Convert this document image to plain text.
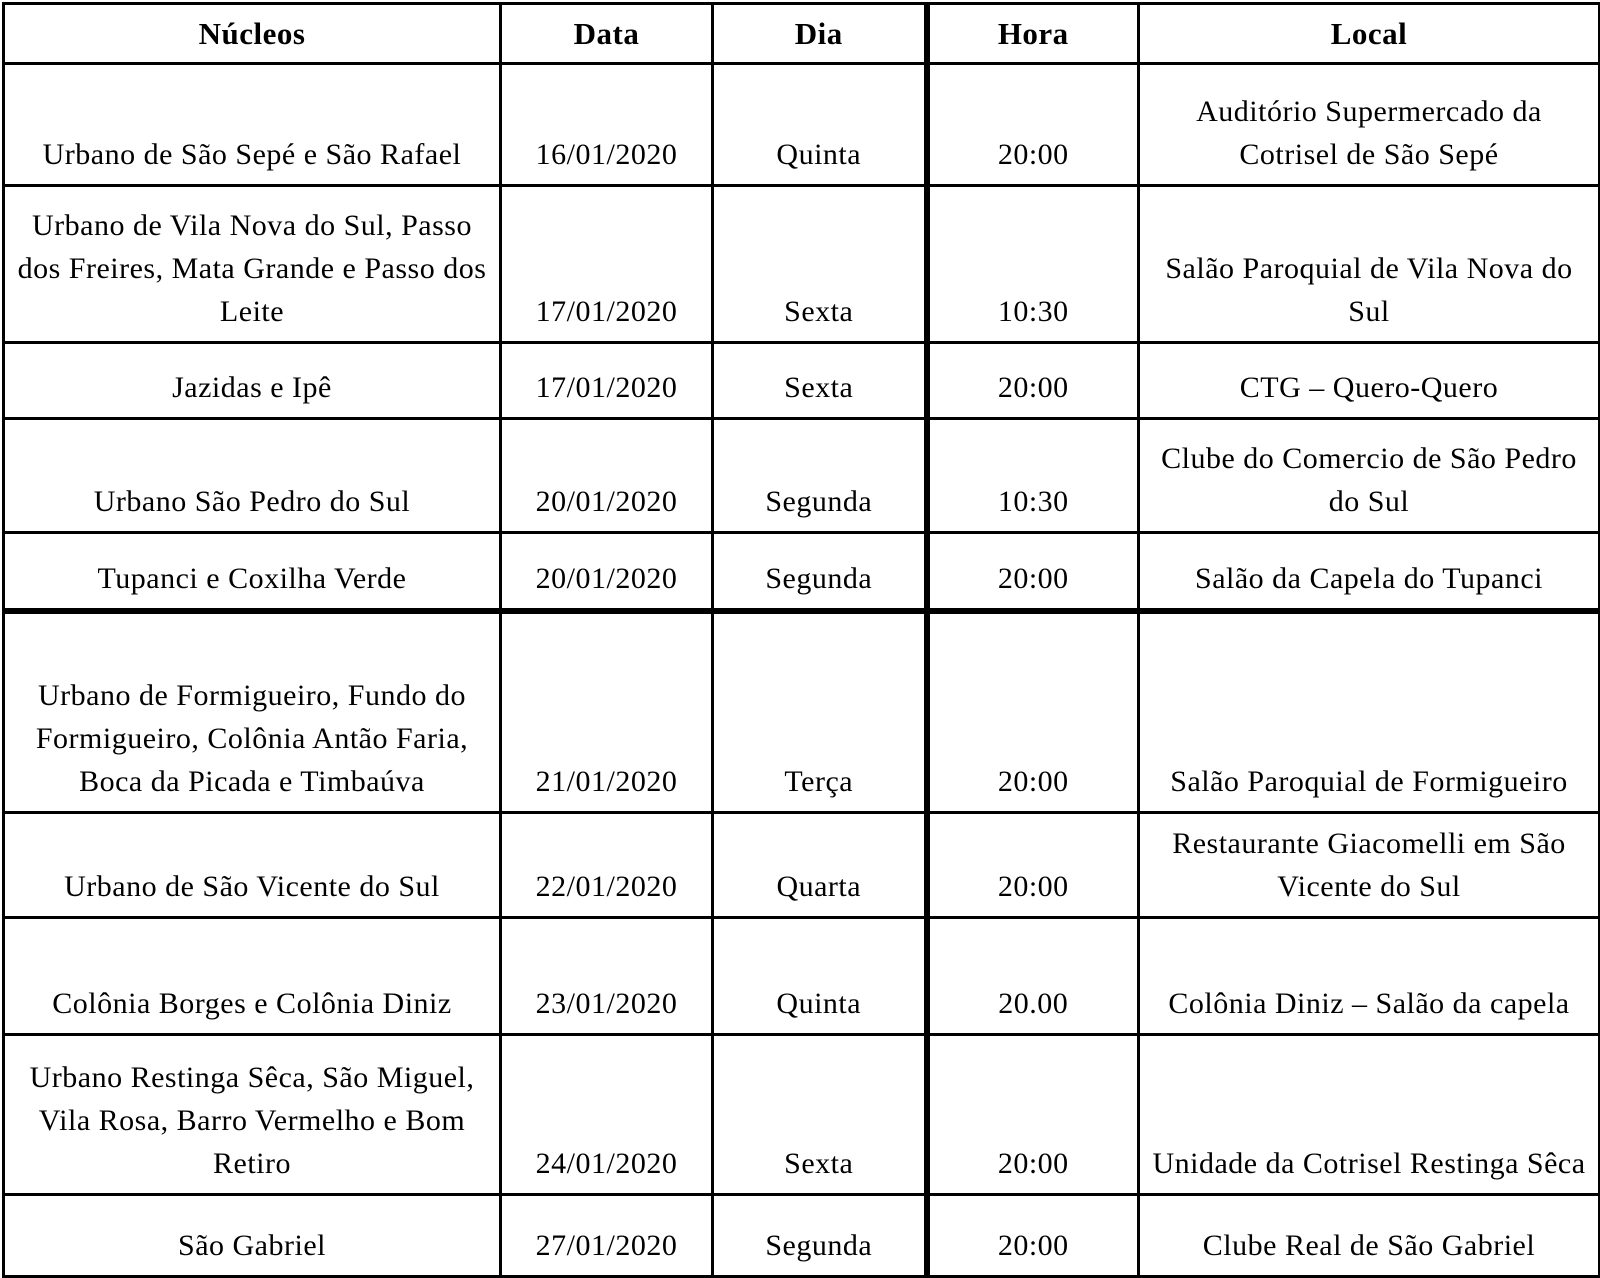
Núcleos	Data	Dia	Hora	Local
Urbano de São Sepé e São Rafael	16/01/2020	Quinta	20:00	Auditório Supermercado da Cotrisel de São Sepé
Urbano de Vila Nova do Sul, Passo dos Freires, Mata Grande e Passo dos Leite	17/01/2020	Sexta	10:30	Salão Paroquial de Vila Nova do Sul
Jazidas e Ipê	17/01/2020	Sexta	20:00	CTG – Quero-Quero
Urbano São Pedro do Sul	20/01/2020	Segunda	10:30	Clube do Comercio de São Pedro do Sul
Tupanci e Coxilha Verde	20/01/2020	Segunda	20:00	Salão da Capela do Tupanci
Urbano de Formigueiro, Fundo do Formigueiro, Colônia Antão Faria, Boca da Picada e Timbaúva	21/01/2020	Terça	20:00	Salão Paroquial de Formigueiro
Urbano de São Vicente do Sul	22/01/2020	Quarta	20:00	Restaurante Giacomelli em São Vicente do Sul
Colônia Borges e Colônia Diniz	23/01/2020	Quinta	20.00	Colônia Diniz – Salão da capela
Urbano Restinga Sêca, São Miguel, Vila Rosa, Barro Vermelho e Bom Retiro	24/01/2020	Sexta	20:00	Unidade da Cotrisel Restinga Sêca
São Gabriel	27/01/2020	Segunda	20:00	Clube Real de São Gabriel
